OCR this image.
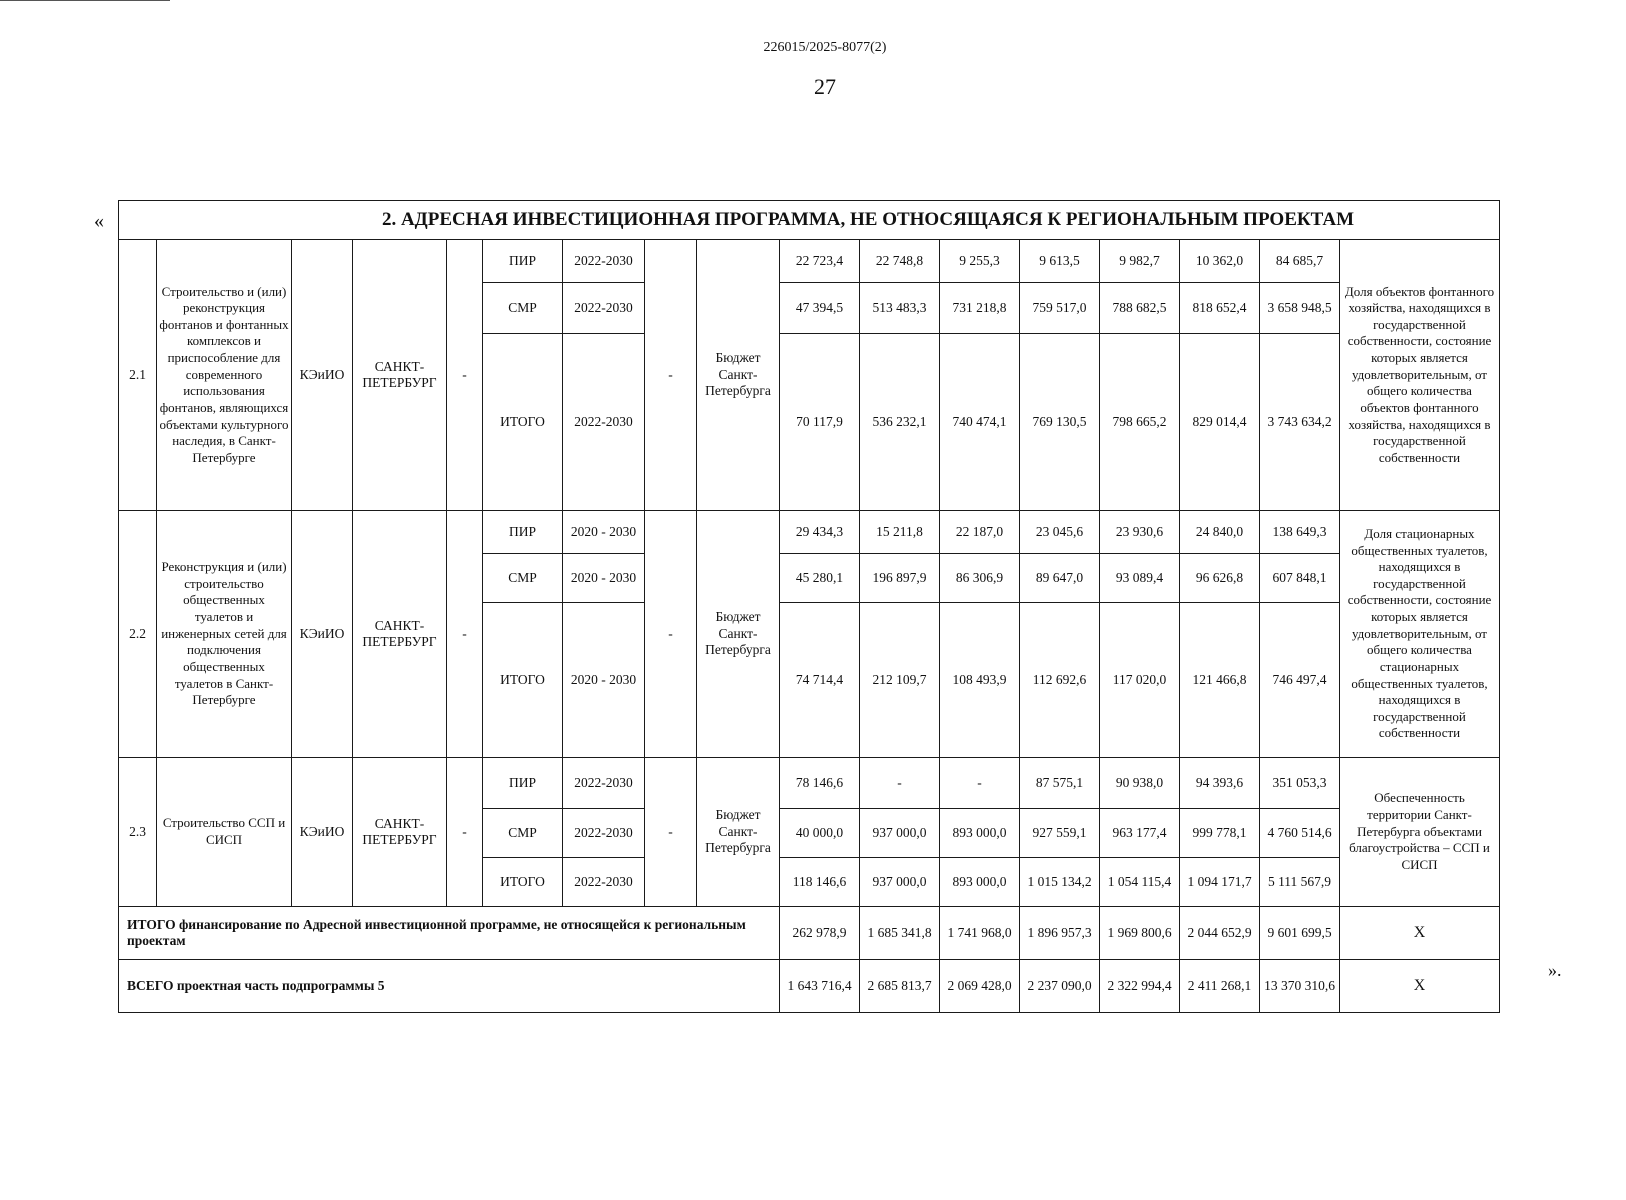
226015/2025-8077(2)
27
«
».
2. АДРЕСНАЯ ИНВЕСТИЦИОННАЯ ПРОГРАММА, НЕ ОТНОСЯЩАЯСЯ К РЕГИОНАЛЬНЫМ ПРОЕКТАМ																
2.1	Строительство и (или) реконструкция фонтанов и фонтанных комплексов и приспособление для современного использования фонтанов, являющихся объектами культурного наследия, в Санкт-Петербурге	КЭиИО	САНКТ-ПЕТЕРБУРГ	-	ПИР	2022-2030	-	Бюджет Санкт-Петербурга	22 723,4	22 748,8	9 255,3	9 613,5	9 982,7	10 362,0	84 685,7	Доля объектов фонтанного хозяйства, находящихся в государственной собственности, состояние которых является удовлетворительным, от общего количества объектов фонтанного хозяйства, находящихся в государственной собственности
					СМР	2022-2030			47 394,5	513 483,3	731 218,8	759 517,0	788 682,5	818 652,4	3 658 948,5	
					ИТОГО	2022-2030			70 117,9	536 232,1	740 474,1	769 130,5	798 665,2	829 014,4	3 743 634,2	
2.2	Реконструкция и (или) строительство общественных туалетов и инженерных сетей для подключения общественных туалетов в Санкт-Петербурге	КЭиИО	САНКТ-ПЕТЕРБУРГ	-	ПИР	2020 - 2030	-	Бюджет Санкт-Петербурга	29 434,3	15 211,8	22 187,0	23 045,6	23 930,6	24 840,0	138 649,3	Доля стационарных общественных туалетов, находящихся в государственной собственности, состояние которых является удовлетворительным, от общего количества стационарных общественных туалетов, находящихся в государственной собственности
					СМР	2020 - 2030			45 280,1	196 897,9	86 306,9	89 647,0	93 089,4	96 626,8	607 848,1	
					ИТОГО	2020 - 2030			74 714,4	212 109,7	108 493,9	112 692,6	117 020,0	121 466,8	746 497,4	
2.3	Строительство ССП и СИСП	КЭиИО	САНКТ-ПЕТЕРБУРГ	-	ПИР	2022-2030	-	Бюджет Санкт-Петербурга	78 146,6	-	-	87 575,1	90 938,0	94 393,6	351 053,3	Обеспеченность территории Санкт-Петербурга объектами благоустройства – ССП и СИСП
					СМР	2022-2030			40 000,0	937 000,0	893 000,0	927 559,1	963 177,4	999 778,1	4 760 514,6	
					ИТОГО	2022-2030			118 146,6	937 000,0	893 000,0	1 015 134,2	1 054 115,4	1 094 171,7	5 111 567,9	
ИТОГО финансирование по Адресной инвестиционной программе, не относящейся к региональным проектам									262 978,9	1 685 341,8	1 741 968,0	1 896 957,3	1 969 800,6	2 044 652,9	9 601 699,5	X
ВСЕГО проектная часть подпрограммы 5									1 643 716,4	2 685 813,7	2 069 428,0	2 237 090,0	2 322 994,4	2 411 268,1	13 370 310,6	X
